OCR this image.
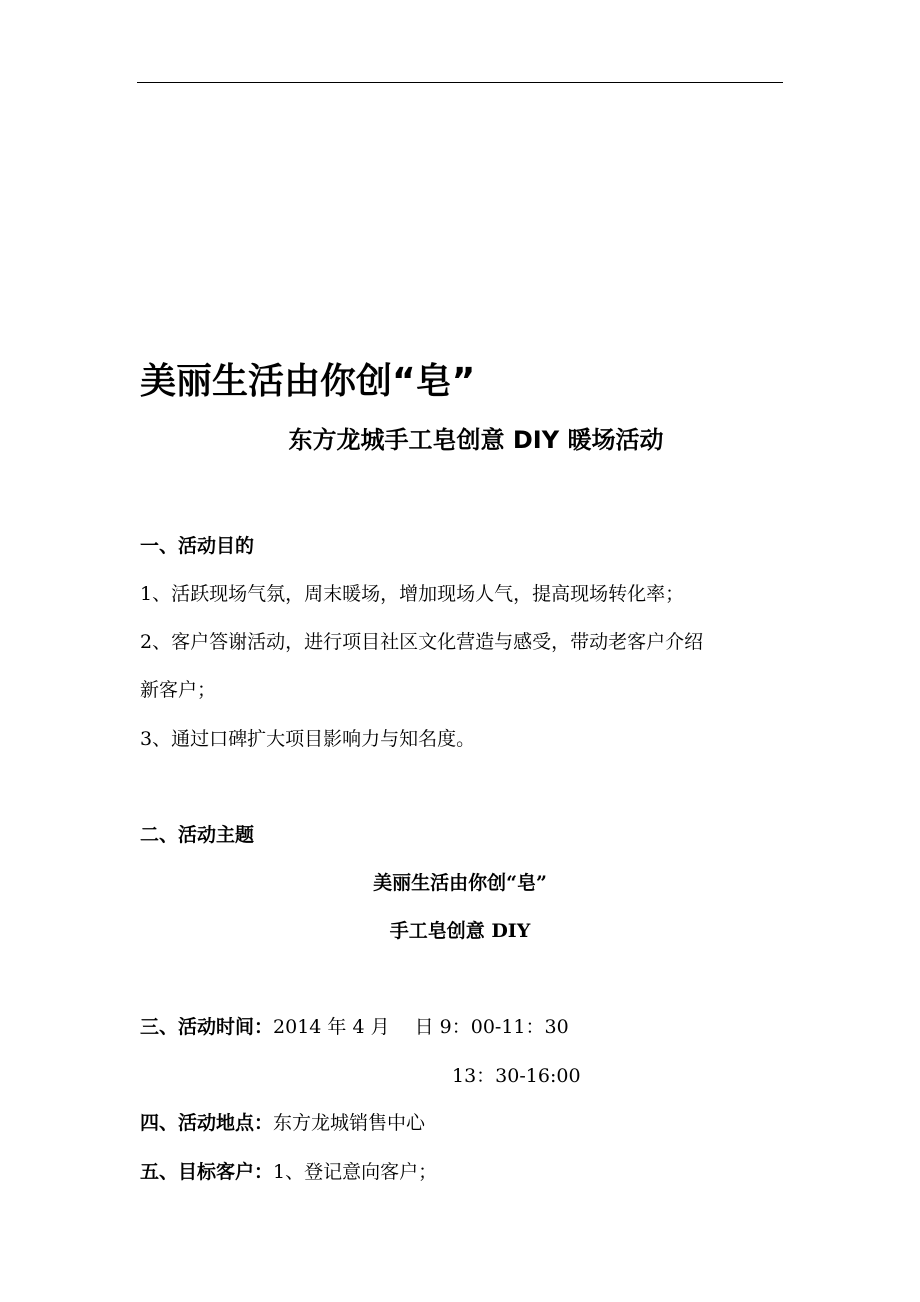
美丽生活由你创“皂”
东方龙城手工皂创意 DIY 暖场活动
一、活动目的
1、活跃现场气氛，周末暖场，增加现场人气，提高现场转化率；
2、客户答谢活动，进行项目社区文化营造与感受，带动老客户介绍
新客户；
3、通过口碑扩大项目影响力与知名度。
二、活动主题
美丽生活由你创“皂”
手工皂创意 DIY
三、活动时间：2014 年 4 月　 日 9：00-11：30
13：30-16:00
四、活动地点：东方龙城销售中心
五、目标客户：1、登记意向客户；
